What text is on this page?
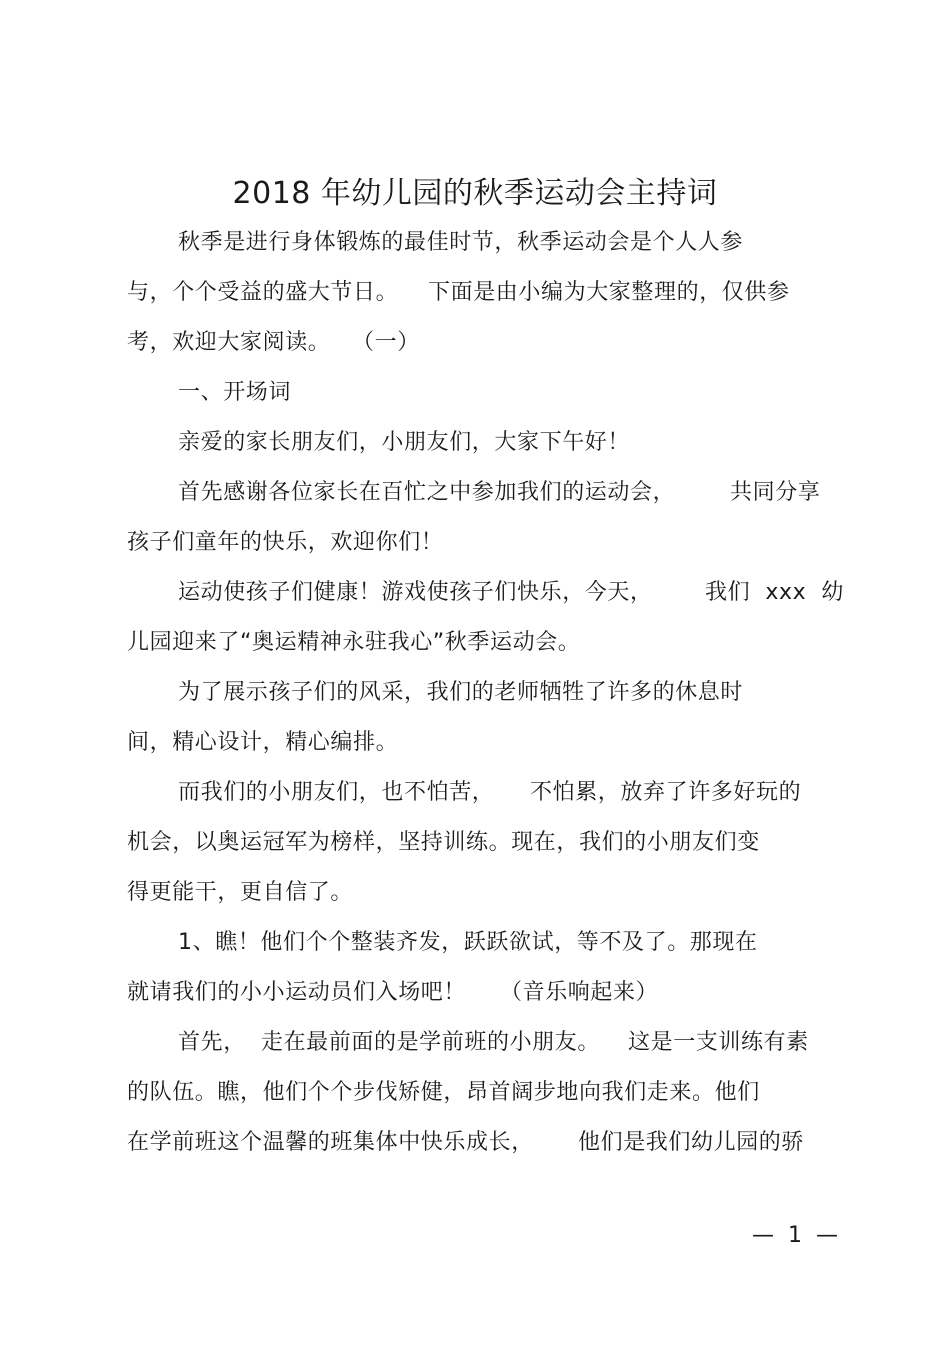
2018 年幼儿园的秋季运动会主持词
秋季是进行身体锻炼的最佳时节，秋季运动会是个人人参
与，个个受益的盛大节日。 下面是由小编为大家整理的，仅供参
考，欢迎大家阅读。 （一）
一、开场词
亲爱的家长朋友们，小朋友们，大家下午好！
首先感谢各位家长在百忙之中参加我们的运动会， 共同分享
孩子们童年的快乐，欢迎你们！
运动使孩子们健康！游戏使孩子们快乐，今天， 我们  xxx  幼
儿园迎来了“奥运精神永驻我心”秋季运动会。
为了展示孩子们的风采，我们的老师牺牲了许多的休息时
间，精心设计，精心编排。
而我们的小朋友们，也不怕苦， 不怕累，放弃了许多好玩的
机会，以奥运冠军为榜样，坚持训练。现在，我们的小朋友们变
得更能干，更自信了。
1、瞧！他们个个整装齐发，跃跃欲试，等不及了。那现在
就请我们的小小运动员们入场吧！ （音乐响起来）
首先，  走在最前面的是学前班的小朋友。 这是一支训练有素
的队伍。瞧，他们个个步伐矫健，昂首阔步地向我们走来。他们
在学前班这个温馨的班集体中快乐成长， 他们是我们幼儿园的骄
—  1  —
